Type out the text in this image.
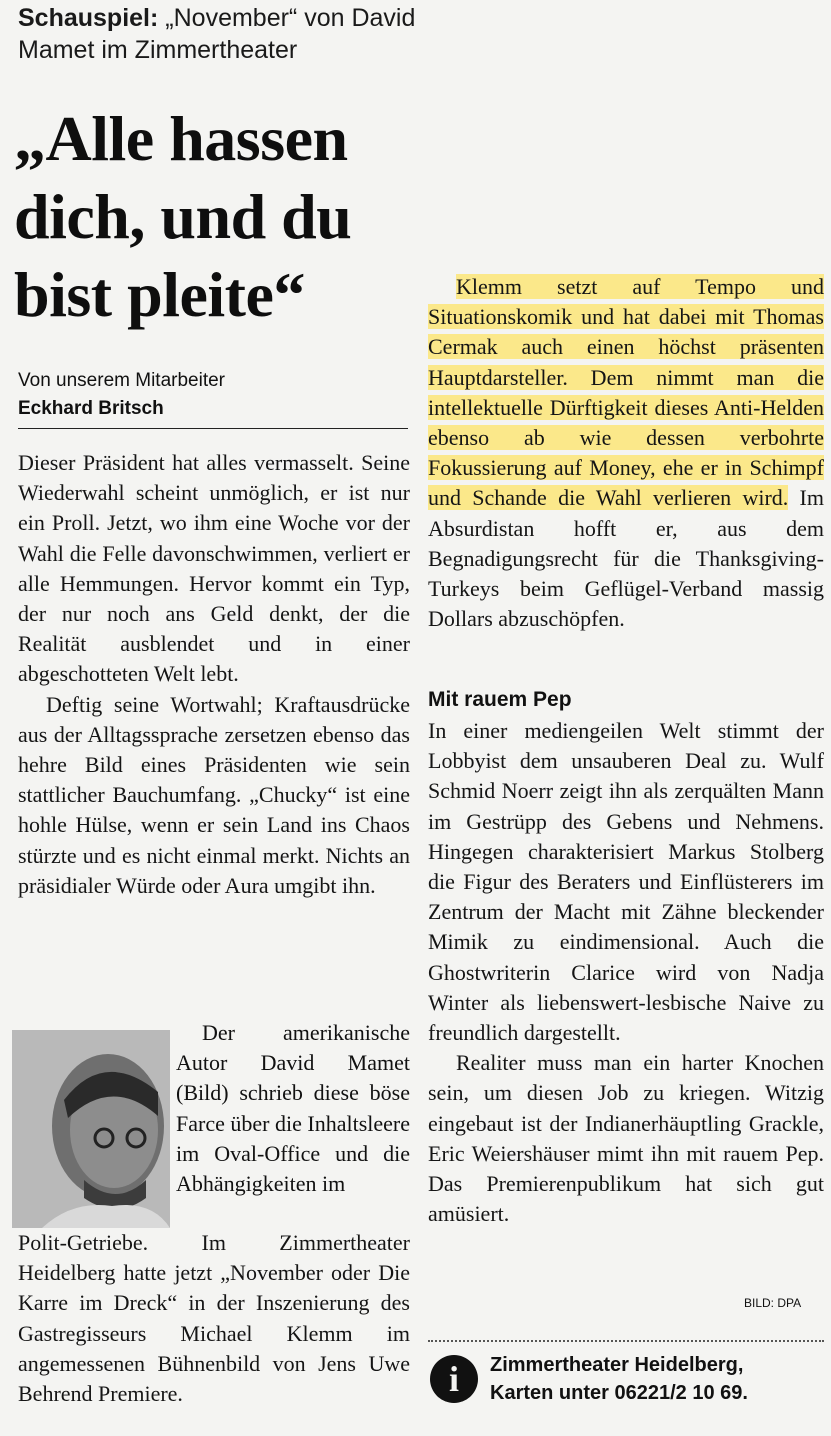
Schauspiel: „November“ von David Mamet im Zimmertheater
„Alle hassen dich, und du bist pleite“
Von unserem Mitarbeiter
Eckhard Britsch

Dieser Präsident hat alles vermasselt. Seine Wiederwahl scheint unmöglich, er ist nur ein Proll. Jetzt, wo ihm eine Woche vor der Wahl die Felle davonschwimmen, verliert er alle Hemmungen. Hervor kommt ein Typ, der nur noch ans Geld denkt, der die Realität ausblendet und in einer abgeschotteten Welt lebt.

Deftig seine Wortwahl; Kraftausdrücke aus der Alltagssprache zersetzen ebenso das hehre Bild eines Präsidenten wie sein stattlicher Bauchumfang. „Chucky“ ist eine hohle Hülse, wenn er sein Land ins Chaos stürzte und es nicht einmal merkt. Nichts an präsidialer Würde oder Aura umgibt ihn.

Der amerikanische Autor David Mamet (Bild) schrieb diese böse Farce über die Inhaltsleere im Oval-Office und die Abhängigkeiten im

Polit-Getriebe. Im Zimmertheater Heidelberg hatte jetzt „November oder Die Karre im Dreck“ in der Inszenierung des Gastregisseurs Michael Klemm im angemessenen Bühnenbild von Jens Uwe Behrend Premiere.

Klemm setzt auf Tempo und Situationskomik und hat dabei mit Thomas Cermak auch einen höchst präsenten Hauptdarsteller. Dem nimmt man die intellektuelle Dürftigkeit dieses Anti-Helden ebenso ab wie dessen verbohrte Fokussierung auf Money, ehe er in Schimpf und Schande die Wahl verlieren wird. Im Absurdistan hofft er, aus dem Begnadigungsrecht für die Thanksgiving-Turkeys beim Geflügel-Verband massig Dollars abzuschöpfen.

Mit rauem Pep

In einer mediengeilen Welt stimmt der Lobbyist dem unsauberen Deal zu. Wulf Schmid Noerr zeigt ihn als zerquälten Mann im Gestrüpp des Gebens und Nehmens. Hingegen charakterisiert Markus Stolberg die Figur des Beraters und Einflüsterers im Zentrum der Macht mit Zähne bleckender Mimik zu eindimensional. Auch die Ghostwriterin Clarice wird von Nadja Winter als liebenswert-lesbische Naive zu freundlich dargestellt.

Realiter muss man ein harter Knochen sein, um diesen Job zu kriegen. Witzig eingebaut ist der Indianerhäuptling Grackle, Eric Weiershäuser mimt ihn mit rauem Pep. Das Premierenpublikum hat sich gut amüsiert.

BILD: DPA
i	Zimmertheater Heidelberg,
Karten unter 06221/2 10 69.
